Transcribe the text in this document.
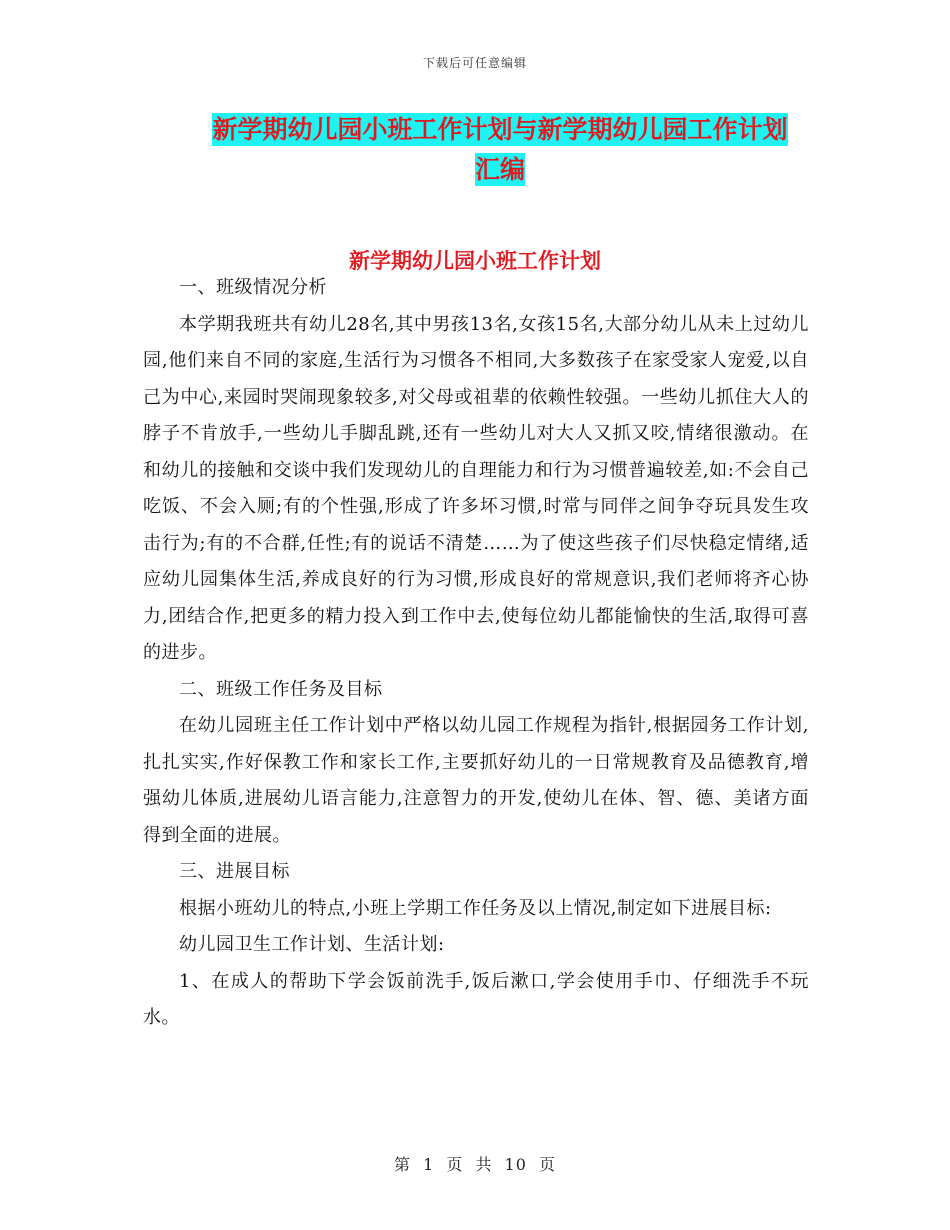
下载后可任意编辑
新学期幼儿园小班工作计划与新学期幼儿园工作计划
汇编
新学期幼儿园小班工作计划

一、班级情况分析

本学期我班共有幼儿28名,其中男孩13名,女孩15名,大部分幼儿从未上过幼儿园,他们来自不同的家庭,生活行为习惯各不相同,大多数孩子在家受家人宠爱,以自己为中心,来园时哭闹现象较多,对父母或祖辈的依赖性较强。一些幼儿抓住大人的脖子不肯放手,一些幼儿手脚乱跳,还有一些幼儿对大人又抓又咬,情绪很激动。在和幼儿的接触和交谈中我们发现幼儿的自理能力和行为习惯普遍较差,如:不会自己吃饭、不会入厕;有的个性强,形成了许多坏习惯,时常与同伴之间争夺玩具发生攻击行为;有的不合群,任性;有的说话不清楚……为了使这些孩子们尽快稳定情绪,适应幼儿园集体生活,养成良好的行为习惯,形成良好的常规意识,我们老师将齐心协力,团结合作,把更多的精力投入到工作中去,使每位幼儿都能愉快的生活,取得可喜的进步。

二、班级工作任务及目标

在幼儿园班主任工作计划中严格以幼儿园工作规程为指针,根据园务工作计划,扎扎实实,作好保教工作和家长工作,主要抓好幼儿的一日常规教育及品德教育,增强幼儿体质,进展幼儿语言能力,注意智力的开发,使幼儿在体、智、德、美诸方面得到全面的进展。

三、进展目标

根据小班幼儿的特点,小班上学期工作任务及以上情况,制定如下进展目标:

幼儿园卫生工作计划、生活计划:

1、在成人的帮助下学会饭前洗手,饭后漱口,学会使用手巾、仔细洗手不玩水。

第 1 页 共 10 页
